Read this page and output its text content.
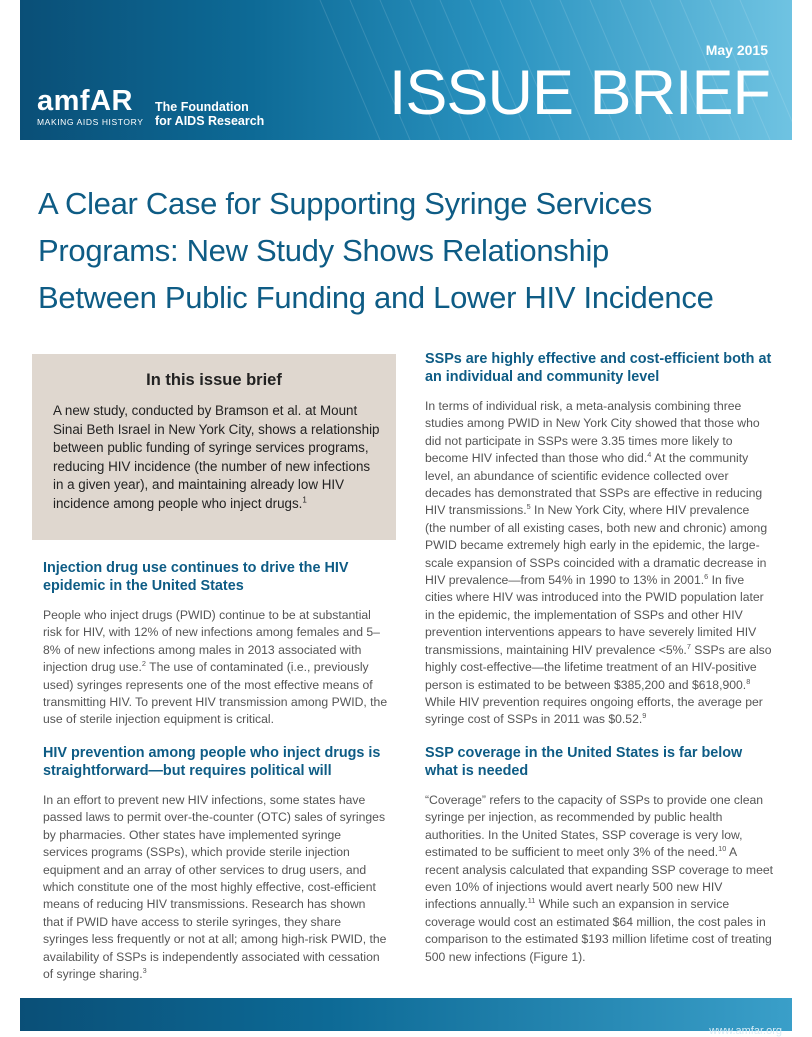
amfAR
MAKING AIDS HISTORY
The Foundation
for AIDS Research
May 2015
ISSUE BRIEF
A Clear Case for Supporting Syringe Services
Programs: New Study Shows Relationship
Between Public Funding and Lower HIV Incidence
In this issue brief

A new study, conducted by Bramson et al. at Mount Sinai Beth Israel in New York City, shows a relationship between public funding of syringe services programs, reducing HIV incidence (the number of new infections in a given year), and maintaining already low HIV incidence among people who inject drugs.$^1$

Injection drug use continues to drive the HIV epidemic in the United States

People who inject drugs (PWID) continue to be at substantial risk for HIV, with 12% of new infections among females and 5–8% of new infections among males in 2013 associated with injection drug use.$^2$ The use of contaminated (i.e., previously used) syringes represents one of the most effective means of transmitting HIV. To prevent HIV transmission among PWID, the use of sterile injection equipment is critical.

HIV prevention among people who inject drugs is straightforward—but requires political will

In an effort to prevent new HIV infections, some states have passed laws to permit over-the-counter (OTC) sales of syringes by pharmacies. Other states have implemented syringe services programs (SSPs), which provide sterile injection equipment and an array of other services to drug users, and which constitute one of the most highly effective, cost-efficient means of reducing HIV transmissions. Research has shown that if PWID have access to sterile syringes, they share syringes less frequently or not at all; among high-risk PWID, the availability of SSPs is independently associated with cessation of syringe sharing.$^3$

SSPs are highly effective and cost-efficient both at an individual and community level

In terms of individual risk, a meta-analysis combining three studies among PWID in New York City showed that those who did not participate in SSPs were 3.35 times more likely to become HIV infected than those who did.$^4$ At the community level, an abundance of scientific evidence collected over decades has demonstrated that SSPs are effective in reducing HIV transmissions.$^5$ In New York City, where HIV prevalence (the number of all existing cases, both new and chronic) among PWID became extremely high early in the epidemic, the large-scale expansion of SSPs coincided with a dramatic decrease in HIV prevalence—from 54% in 1990 to 13% in 2001.$^6$ In five cities where HIV was introduced into the PWID population later in the epidemic, the implementation of SSPs and other HIV prevention interventions appears to have severely limited HIV transmissions, maintaining HIV prevalence <5%.$^7$ SSPs are also highly cost-effective—the lifetime treatment of an HIV-positive person is estimated to be between $385,200 and $618,900.$^8$ While HIV prevention requires ongoing efforts, the average per syringe cost of SSPs in 2011 was $0.52.$^9$

SSP coverage in the United States is far below what is needed

“Coverage” refers to the capacity of SSPs to provide one clean syringe per injection, as recommended by public health authorities. In the United States, SSP coverage is very low, estimated to be sufficient to meet only 3% of the need.$^{10}$ A recent analysis calculated that expanding SSP coverage to meet even 10% of injections would avert nearly 500 new HIV infections annually.$^{11}$ While such an expansion in service coverage would cost an estimated $64 million, the cost pales in comparison to the estimated $193 million lifetime cost of treating 500 new infections (Figure 1).

www.amfar.org
